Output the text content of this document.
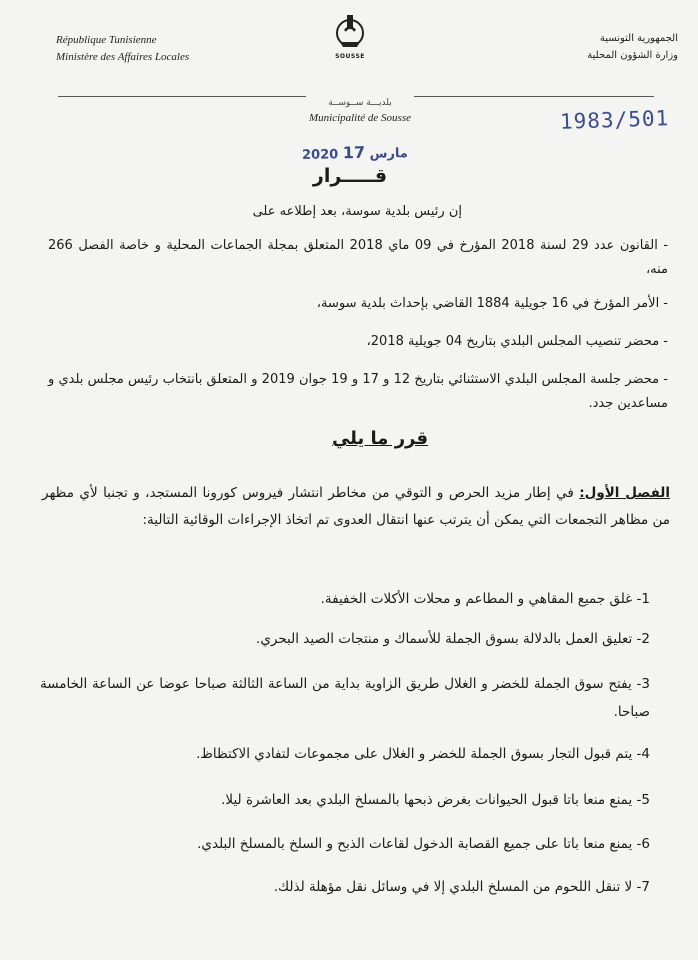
République Tunisienne
Ministère des Affaires Locales	SOUSSE
الجمهورية التونسية
وزارة الشؤون المحلية
بلديـــة ســوســة
Municipalité de Sousse	1983/501
2020 مارس 17
قـــــرار
إن رئيس بلدية سوسة، بعد إطلاعه على
- القانون عدد 29 لسنة 2018 المؤرخ في 09 ماي 2018 المتعلق بمجلة الجماعات المحلية و خاصة الفصل 266 منه،
- الأمر المؤرخ في 16 جويلية 1884 القاضي بإحداث بلدية سوسة،
- محضر تنصيب المجلس البلدي بتاريخ 04 جويلية 2018،
- محضر جلسة المجلس البلدي الاستثنائي بتاريخ 12 و 17 و 19 جوان 2019 و المتعلق بانتخاب رئيس مجلس بلدي و مساعدين جدد.
قرر ما يلي
الفصل الأول: في إطار مزيد الحرص و التوقي من مخاطر انتشار فيروس كورونا المستجد، و تجنبا لأي مظهر من مظاهر التجمعات التي يمكن أن يترتب عنها انتقال العدوى تم اتخاذ الإجراءات الوقائية التالية:
1- غلق جميع المقاهي و المطاعم و محلات الأكلات الخفيفة.
2- تعليق العمل بالدلالة بسوق الجملة للأسماك و منتجات الصيد البحري.
3- يفتح سوق الجملة للخضر و الغلال طريق الزاوية بداية من الساعة الثالثة صباحا عوضا عن الساعة الخامسة صباحا.
4- يتم قبول التجار بسوق الجملة للخضر و الغلال على مجموعات لتفادي الاكتظاظ.
5- يمنع منعا باتا قبول الحيوانات بغرض ذبحها بالمسلخ البلدي بعد العاشرة ليلا.
6- يمنع منعا باتا على جميع القصابة الدخول لقاعات الذبح و السلخ بالمسلخ البلدي.
7- لا تنقل اللحوم من المسلخ البلدي إلا في وسائل نقل مؤهلة لذلك.
